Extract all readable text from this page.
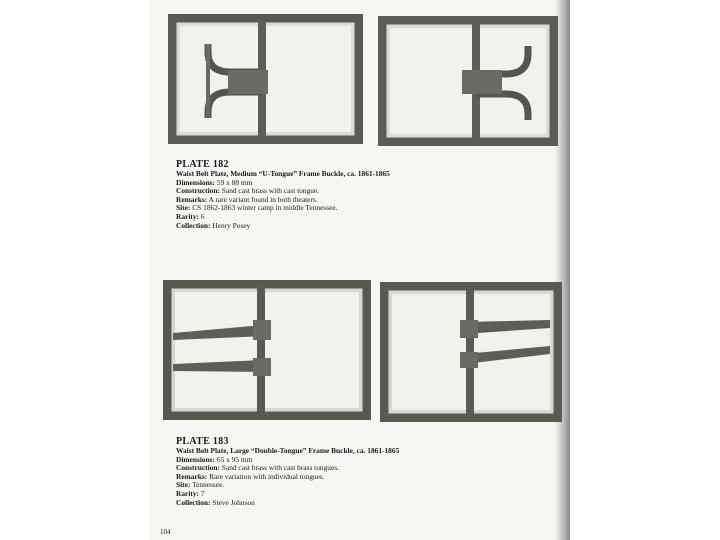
PLATE 182
Waist Belt Plate, Medium “U-Tongue” Frame Buckle, ca. 1861-1865
Dimensions: 59 x 88 mm
Construction: Sand cast brass with cast tongue.
Remarks: A rare variant found in both theaters.
Site: CS 1862-1863 winter camp in middle Tennessee.
Rarity: 6
Collection: Henry Posey
PLATE 183
Waist Belt Plate, Large “Double-Tongue” Frame Buckle, ca. 1861-1865
Dimensions: 65 x 95 mm
Construction: Sand cast brass with cast brass tongues.
Remarks: Rare variation with individual tongues.
Site: Tennessee.
Rarity: 7
Collection: Steve Johnson
104
